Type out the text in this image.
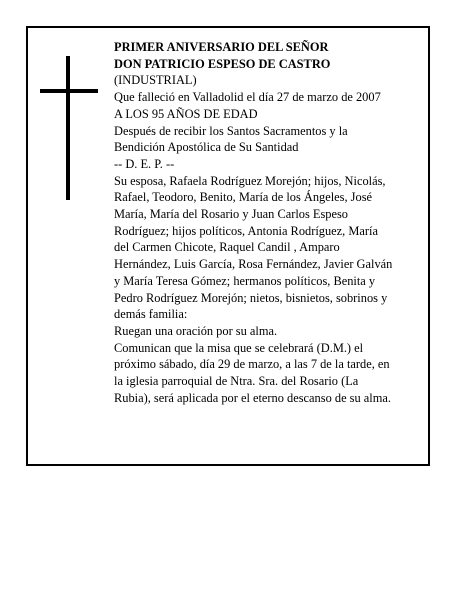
PRIMER ANIVERSARIO DEL SEÑOR
DON PATRICIO ESPESO DE CASTRO
(INDUSTRIAL)
Que falleció en Valladolid el día 27 de marzo de 2007
A LOS 95 AÑOS DE EDAD
Después de recibir los Santos Sacramentos y la
Bendición Apostólica de Su Santidad
-- D. E. P. --
Su esposa, Rafaela Rodríguez Morejón; hijos, Nicolás,
Rafael, Teodoro, Benito, María de los Ángeles, José
María, María del Rosario y Juan Carlos Espeso
Rodríguez; hijos políticos, Antonia Rodríguez, María
del Carmen Chicote, Raquel Candil , Amparo
Hernández, Luis García, Rosa Fernández, Javier Galván
y María Teresa Gómez; hermanos políticos, Benita y
Pedro Rodríguez Morejón; nietos, bisnietos, sobrinos y
demás familia:
Ruegan una oración por su alma.
Comunican que la misa que se celebrará (D.M.) el
próximo sábado, día 29 de marzo, a las 7 de la tarde, en
la iglesia parroquial de Ntra. Sra. del Rosario (La
Rubia), será aplicada por el eterno descanso de su alma.
